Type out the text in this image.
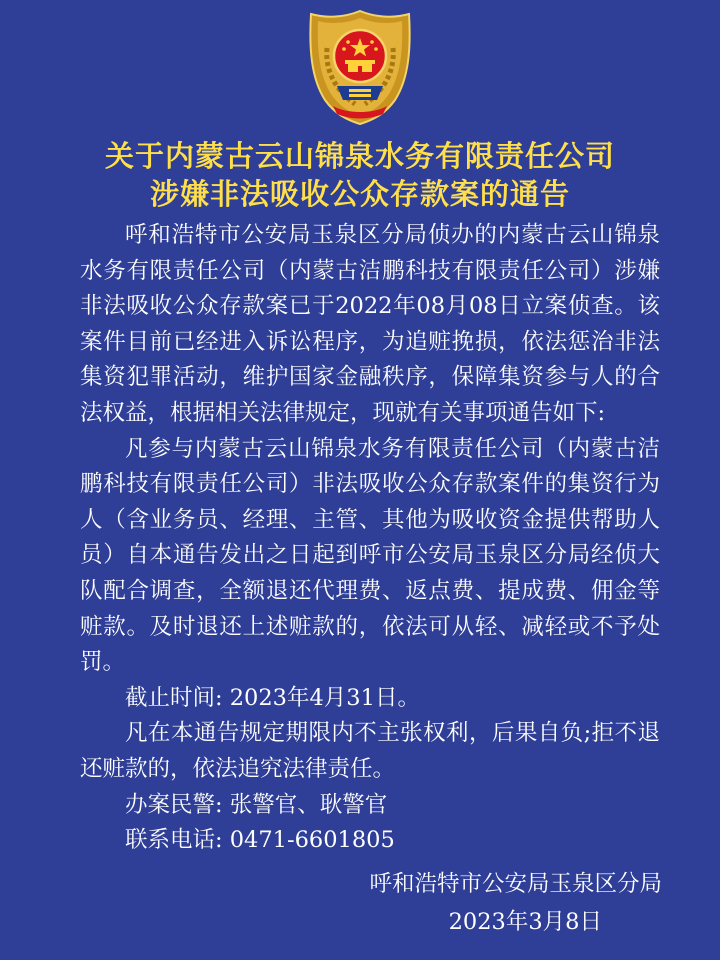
关于内蒙古云山锦泉水务有限责任公司
涉嫌非法吸收公众存款案的通告

呼和浩特市公安局玉泉区分局侦办的内蒙古云山锦泉水务有限责任公司（内蒙古洁鹏科技有限责任公司）涉嫌非法吸收公众存款案已于2022年08月08日立案侦查。该案件目前已经进入诉讼程序，为追赃挽损，依法惩治非法集资犯罪活动，维护国家金融秩序，保障集资参与人的合法权益，根据相关法律规定，现就有关事项通告如下:

凡参与内蒙古云山锦泉水务有限责任公司（内蒙古洁鹏科技有限责任公司）非法吸收公众存款案件的集资行为人（含业务员、经理、主管、其他为吸收资金提供帮助人员）自本通告发出之日起到呼市公安局玉泉区分局经侦大队配合调查，全额退还代理费、返点费、提成费、佣金等赃款。及时退还上述赃款的，依法可从轻、减轻或不予处罚。

截止时间: 2023年4月31日。

凡在本通告规定期限内不主张权利，后果自负;拒不退还赃款的，依法追究法律责任。

办案民警: 张警官、耿警官

联系电话: 0471-6601805

呼和浩特市公安局玉泉区分局
2023年3月8日
